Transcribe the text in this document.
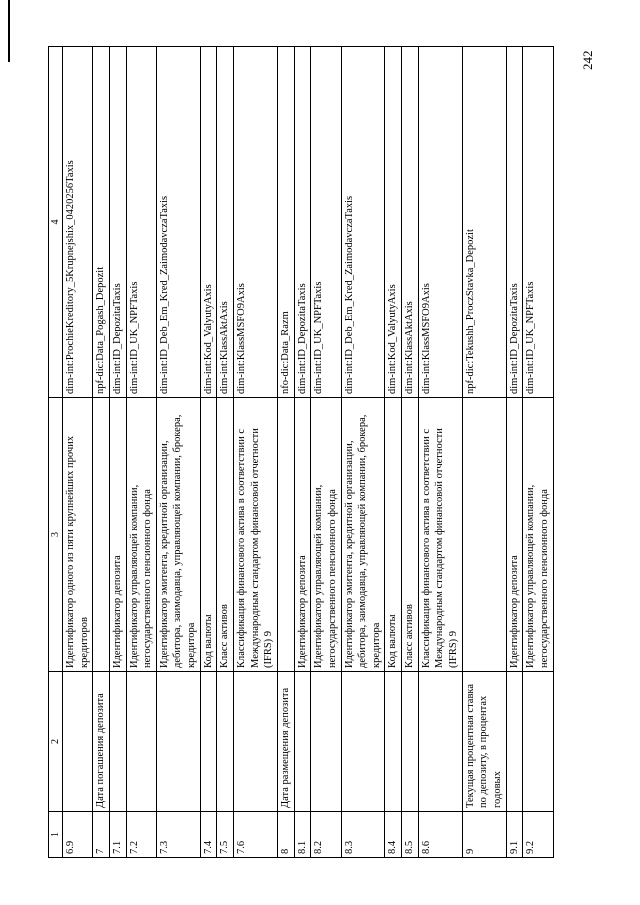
242
1	2	3	4
6.9		Идентификатор одного из пяти крупнейших прочих кредиторов	dim-int:ProchieKreditory_5Krupnejshix_0420256Taxis
7	Дата погашения депозита		npf-dic:Data_Pogash_Depozit
7.1		Идентификатор депозита	dim-int:ID_DepozitaTaxis
7.2		Идентификатор управляющей компании, негосударственного пенсионного фонда	dim-int:ID_UK_NPFTaxis
7.3		Идентификатор эмитента, кредитной организации, дебитора, заимодавца, управляющей компании, брокера, кредитора	dim-int:ID_Deb_Em_Kred_ZaimodavczaTaxis
7.4		Код валюты	dim-int:Kod_ValyutyAxis
7.5		Класс активов	dim-int:KlassAktAxis
7.6		Классификация финансового актива в соответствии с Международным стандартом финансовой отчетности (IFRS) 9	dim-int:KlassMSFO9Axis
8	Дата размещения депозита		nfo-dic:Data_Razm
8.1		Идентификатор депозита	dim-int:ID_DepozitaTaxis
8.2		Идентификатор управляющей компании, негосударственного пенсионного фонда	dim-int:ID_UK_NPFTaxis
8.3		Идентификатор эмитента, кредитной организации, дебитора, заимодавца, управляющей компании, брокера, кредитора	dim-int:ID_Deb_Em_Kred_ZaimodavczaTaxis
8.4		Код валюты	dim-int:Kod_ValyutyAxis
8.5		Класс активов	dim-int:KlassAktAxis
8.6		Классификация финансового актива в соответствии с Международным стандартом финансовой отчетности (IFRS) 9	dim-int:KlassMSFO9Axis
9	Текущая процентная ставка по депозиту, в процентах годовых		npf-dic:Tekushh_ProczStavka_Depozit
9.1		Идентификатор депозита	dim-int:ID_DepozitaTaxis
9.2		Идентификатор управляющей компании, негосударственного пенсионного фонда	dim-int:ID_UK_NPFTaxis
